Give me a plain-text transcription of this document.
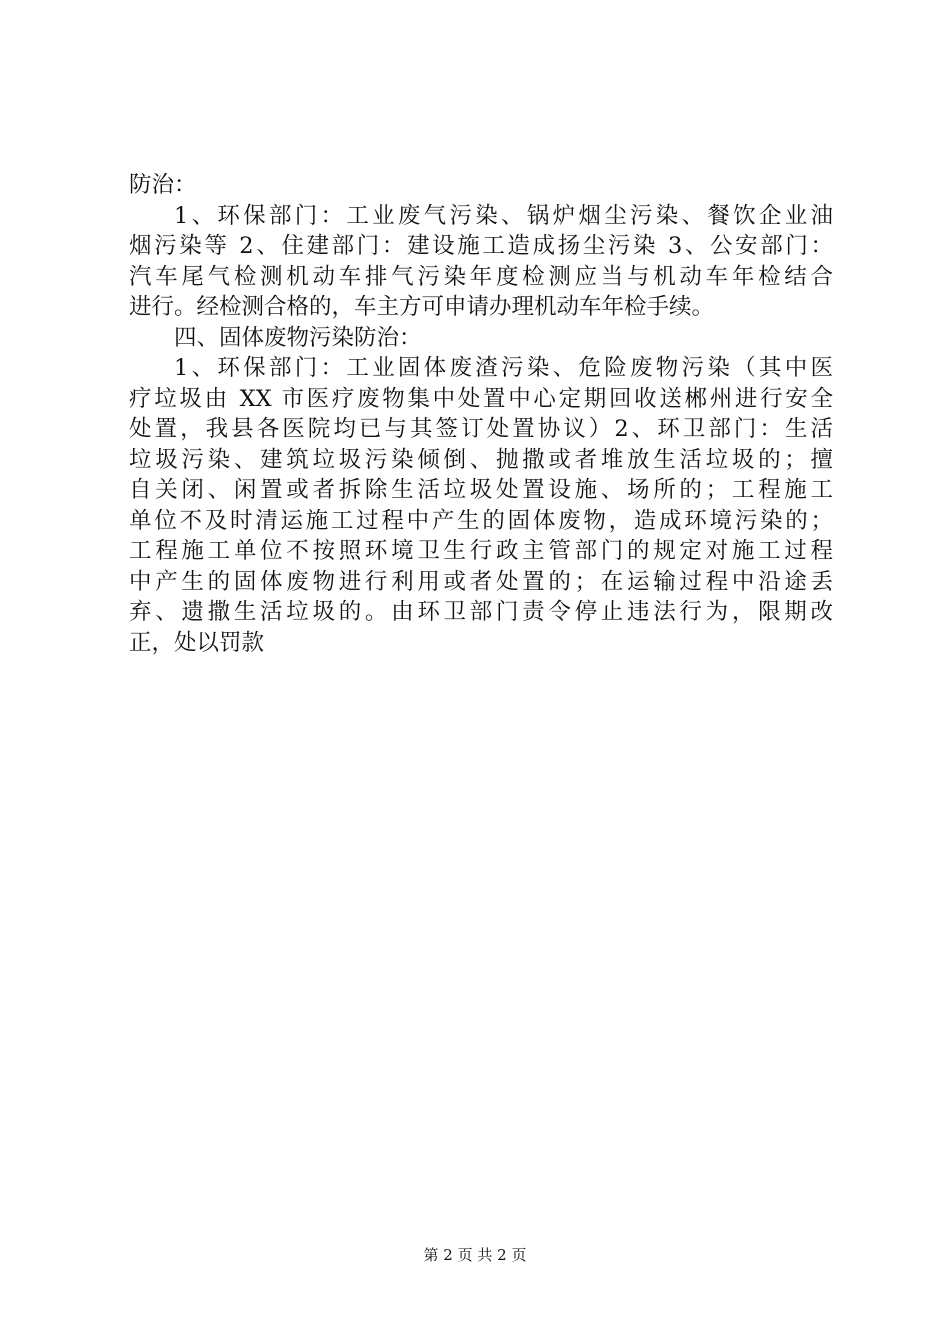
防治：
1、环保部门：工业废气污染、锅炉烟尘污染、餐饮企业油
烟污染等 2、住建部门：建设施工造成扬尘污染 3、公安部门：
汽车尾气检测机动车排气污染年度检测应当与机动车年检结合
进行。经检测合格的，车主方可申请办理机动车年检手续。
四、固体废物污染防治：
1、环保部门：工业固体废渣污染、危险废物污染（其中医
疗垃圾由 XX 市医疗废物集中处置中心定期回收送郴州进行安全
处置，我县各医院均已与其签订处置协议）2、环卫部门：生活
垃圾污染、建筑垃圾污染倾倒、抛撒或者堆放生活垃圾的；擅
自关闭、闲置或者拆除生活垃圾处置设施、场所的；工程施工
单位不及时清运施工过程中产生的固体废物，造成环境污染的；
工程施工单位不按照环境卫生行政主管部门的规定对施工过程
中产生的固体废物进行利用或者处置的；在运输过程中沿途丢
弃、遗撒生活垃圾的。由环卫部门责令停止违法行为，限期改
正，处以罚款
第 2 页 共 2 页
